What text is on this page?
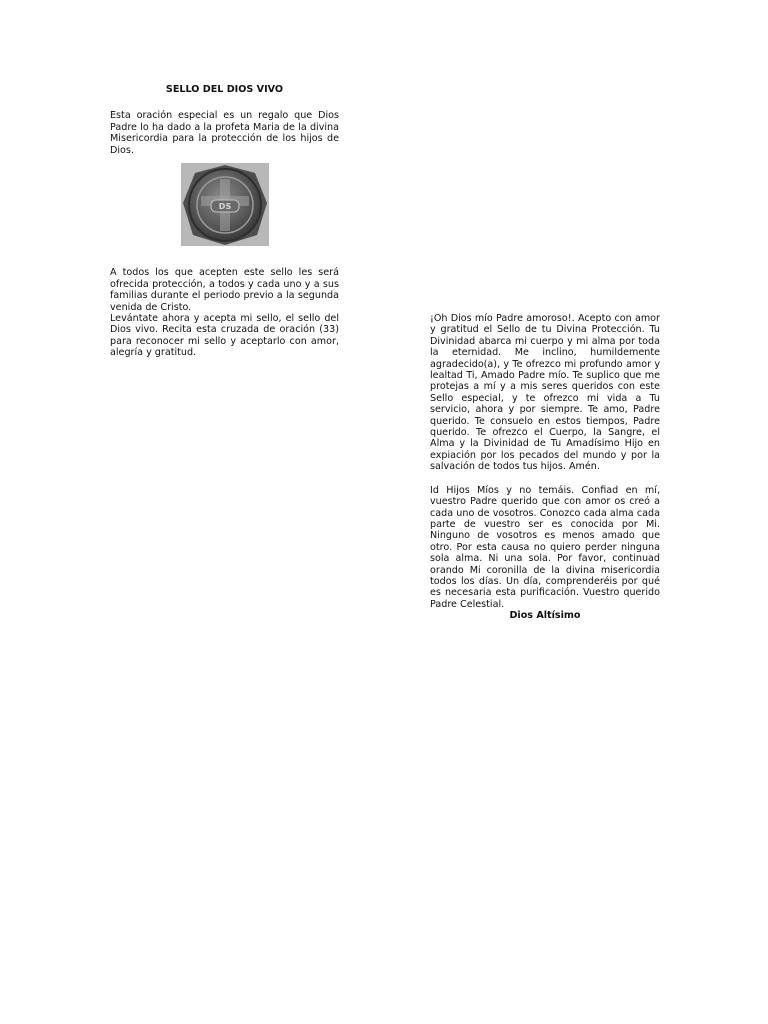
SELLO DEL DIOS VIVO

Esta oración especial es un regalo que Dios Padre lo ha dado a la profeta Maria de la divina Misericordia para la protección de los hijos de Dios.

DS

A todos los que acepten este sello les será ofrecida protección, a todos y cada uno y a sus familias durante el periodo previo a la segunda venida de Cristo.

Levántate ahora y acepta mi sello, el sello del Dios vivo. Recita esta cruzada de oración (33) para reconocer mi sello y aceptarlo con amor, alegría y gratitud.

¡Oh Dios mío Padre amoroso!. Acepto con amor y gratitud el Sello de tu Divina Protección. Tu Divinidad abarca mi cuerpo y mi alma por toda la eternidad. Me inclino, humildemente agradecido(a), y Te ofrezco mi profundo amor y lealtad Ti, Amado Padre mío. Te suplico que me protejas a mí y a mis seres queridos con este Sello especial, y te ofrezco mi vida a Tu servicio, ahora y por siempre. Te amo, Padre querido. Te consuelo en estos tiempos, Padre querido. Te ofrezco el Cuerpo, la Sangre, el Alma y la Divinidad de Tu Amadísimo Hijo en expiación por los pecados del mundo y por la salvación de todos tus hijos. Amén.

Id Hijos Míos y no temáis. Confiad en mí, vuestro Padre querido que con amor os creó a cada uno de vosotros. Conozco cada alma cada parte de vuestro ser es conocida por Mi. Ninguno de vosotros es menos amado que otro. Por esta causa no quiero perder ninguna sola alma. Ni una sola. Por favor, continuad orando Mi coronilla de la divina misericordia todos los días. Un día, comprenderéis por qué es necesaria esta purificación. Vuestro querido Padre Celestial.

Dios Altísimo
